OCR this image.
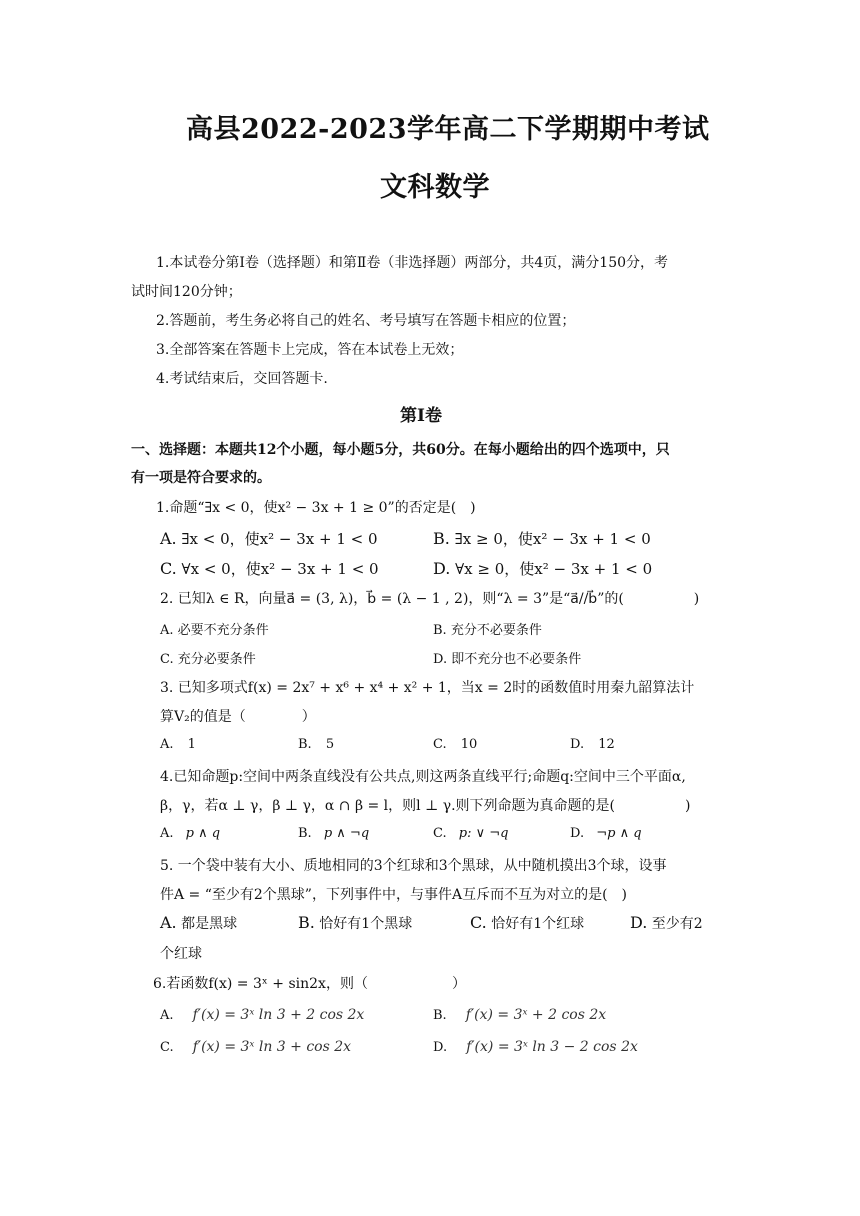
高县2022-2023学年高二下学期期中考试
文科数学
1.本试卷分第Ⅰ卷（选择题）和第Ⅱ卷（非选择题）两部分，共4页，满分150分，考
试时间120分钟；
2.答题前，考生务必将自己的姓名、考号填写在答题卡相应的位置；
3.全部答案在答题卡上完成，答在本试卷上无效；
4.考试结束后，交回答题卡.
第Ⅰ卷
一、选择题：本题共12个小题，每小题5分，共60分。在每小题给出的四个选项中，只
有一项是符合要求的。
1.命题“∃x < 0，使x² − 3x + 1 ≥ 0”的否定是(　)
A. ∃x < 0，使x² − 3x + 1 < 0	B. ∃x ≥ 0，使x² − 3x + 1 < 0
C. ∀x < 0，使x² − 3x + 1 < 0	D. ∀x ≥ 0，使x² − 3x + 1 < 0
2. 已知λ ∈ R，向量a⃗ = (3, λ)，b⃗ = (λ − 1 , 2)，则“λ = 3”是“a⃗//b⃗”的(　　　　　)
A. 必要不充分条件	B. 充分不必要条件
C. 充分必要条件	D. 即不充分也不必要条件
3. 已知多项式f(x) = 2x⁷ + x⁶ + x⁴ + x² + 1，当x = 2时的函数值时用秦九韶算法计
算V₂的值是（　　　　）
A. 1	B. 5	C. 10	D. 12
4.已知命题p:空间中两条直线没有公共点,则这两条直线平行;命题q:空间中三个平面α,
β，γ，若α ⊥ γ，β ⊥ γ，α ∩ β = l，则l ⊥ γ.则下列命题为真命题的是(　　　　　)
A. p ∧ q	B. p ∧ ¬q	C. p: ∨ ¬q	D. ¬p ∧ q
5. 一个袋中装有大小、质地相同的3个红球和3个黑球，从中随机摸出3个球，设事
件A = “至少有2个黑球”，下列事件中，与事件A互斥而不互为对立的是(　)
A. 都是黑球	B. 恰好有1个黑球	C. 恰好有1个红球	D. 至少有2
个红球
6.若函数f(x) = 3ˣ + sin2x，则（　　　　　　）
A. f′(x) = 3ˣ ln 3 + 2 cos 2x	B. f′(x) = 3ˣ + 2 cos 2x
C. f′(x) = 3ˣ ln 3 + cos 2x	D. f′(x) = 3ˣ ln 3 − 2 cos 2x
